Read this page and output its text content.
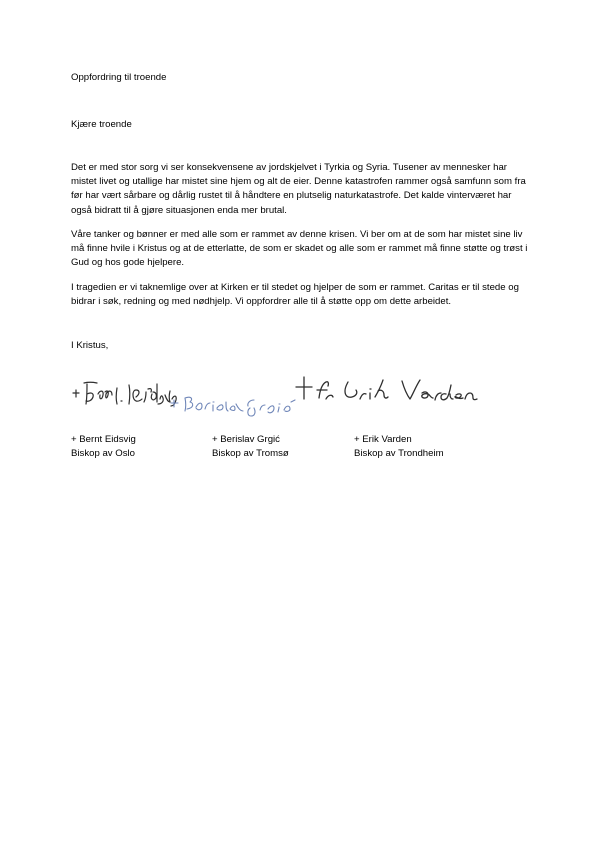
Oppfordring til troende

Kjære troende

Det er med stor sorg vi ser konsekvensene av jordskjelvet i Tyrkia og Syria. Tusener av mennesker har mistet livet og utallige har mistet sine hjem og alt de eier. Denne katastrofen rammer også samfunn som fra før har vært sårbare og dårlig rustet til å håndtere en plutselig naturkatastrofe. Det kalde vinterværet har også bidratt til å gjøre situasjonen enda mer brutal.

Våre tanker og bønner er med alle som er rammet av denne krisen. Vi ber om at de som har mistet sine liv må finne hvile i Kristus og at de etterlatte, de som er skadet og alle som er rammet må finne støtte og trøst i Gud og hos gode hjelpere.

I tragedien er vi taknemlige over at Kirken er til stedet og hjelper de som er rammet. Caritas er til stede og bidrar i søk, redning og med nødhjelp. Vi oppfordrer alle til å støtte opp om dette arbeidet.

I Kristus,

+ Bernt Eidsvig
Biskop av Oslo
+ Berislav Grgić
Biskop av Tromsø
+ Erik Varden
Biskop av Trondheim
